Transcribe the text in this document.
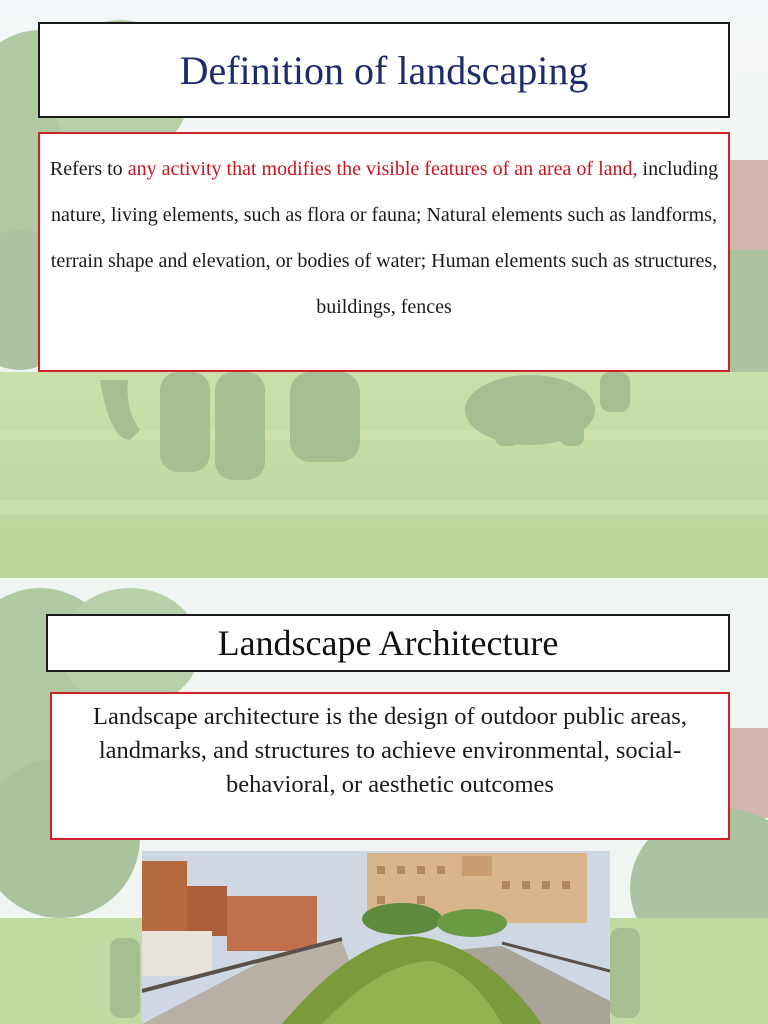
Definition of landscaping
Refers to any activity that modifies the visible features of an area of land, including nature, living elements, such as flora or fauna; Natural elements such as landforms, terrain shape and elevation, or bodies of water; Human elements such as structures, buildings, fences
Landscape Architecture
Landscape architecture is the design of outdoor public areas, landmarks, and structures to achieve environmental, social-behavioral, or aesthetic outcomes
